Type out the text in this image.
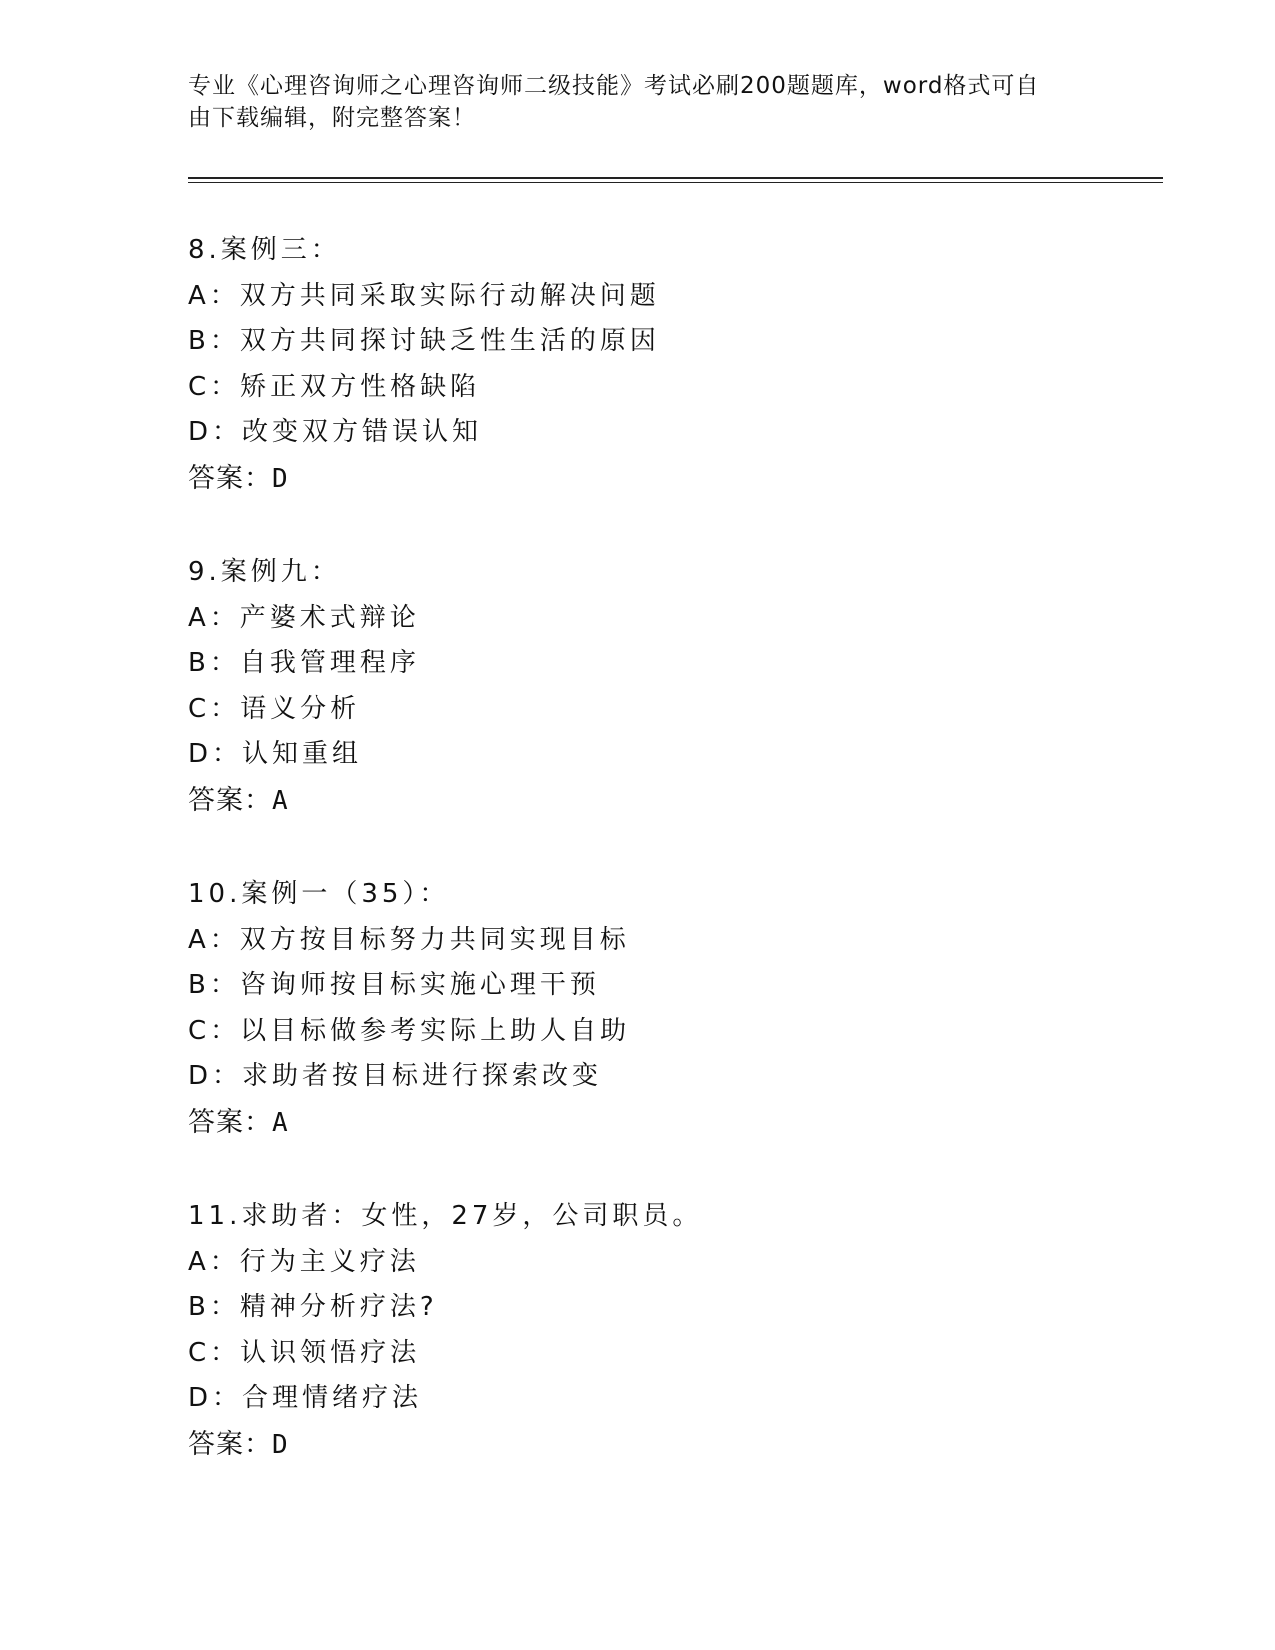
专业《心理咨询师之心理咨询师二级技能》考试必刷200题题库，word格式可自
由下载编辑，附完整答案！
8.案例三：
A：双方共同采取实际行动解决问题
B：双方共同探讨缺乏性生活的原因
C：矫正双方性格缺陷
D：改变双方错误认知
答案：D
9.案例九：
A：产婆术式辩论
B：自我管理程序
C：语义分析
D：认知重组
答案：A
10.案例一（35）：
A：双方按目标努力共同实现目标
B：咨询师按目标实施心理干预
C：以目标做参考实际上助人自助
D：求助者按目标进行探索改变
答案：A
11.求助者：女性，27岁，公司职员。
A：行为主义疗法
B：精神分析疗法?
C：认识领悟疗法
D：合理情绪疗法
答案：D
